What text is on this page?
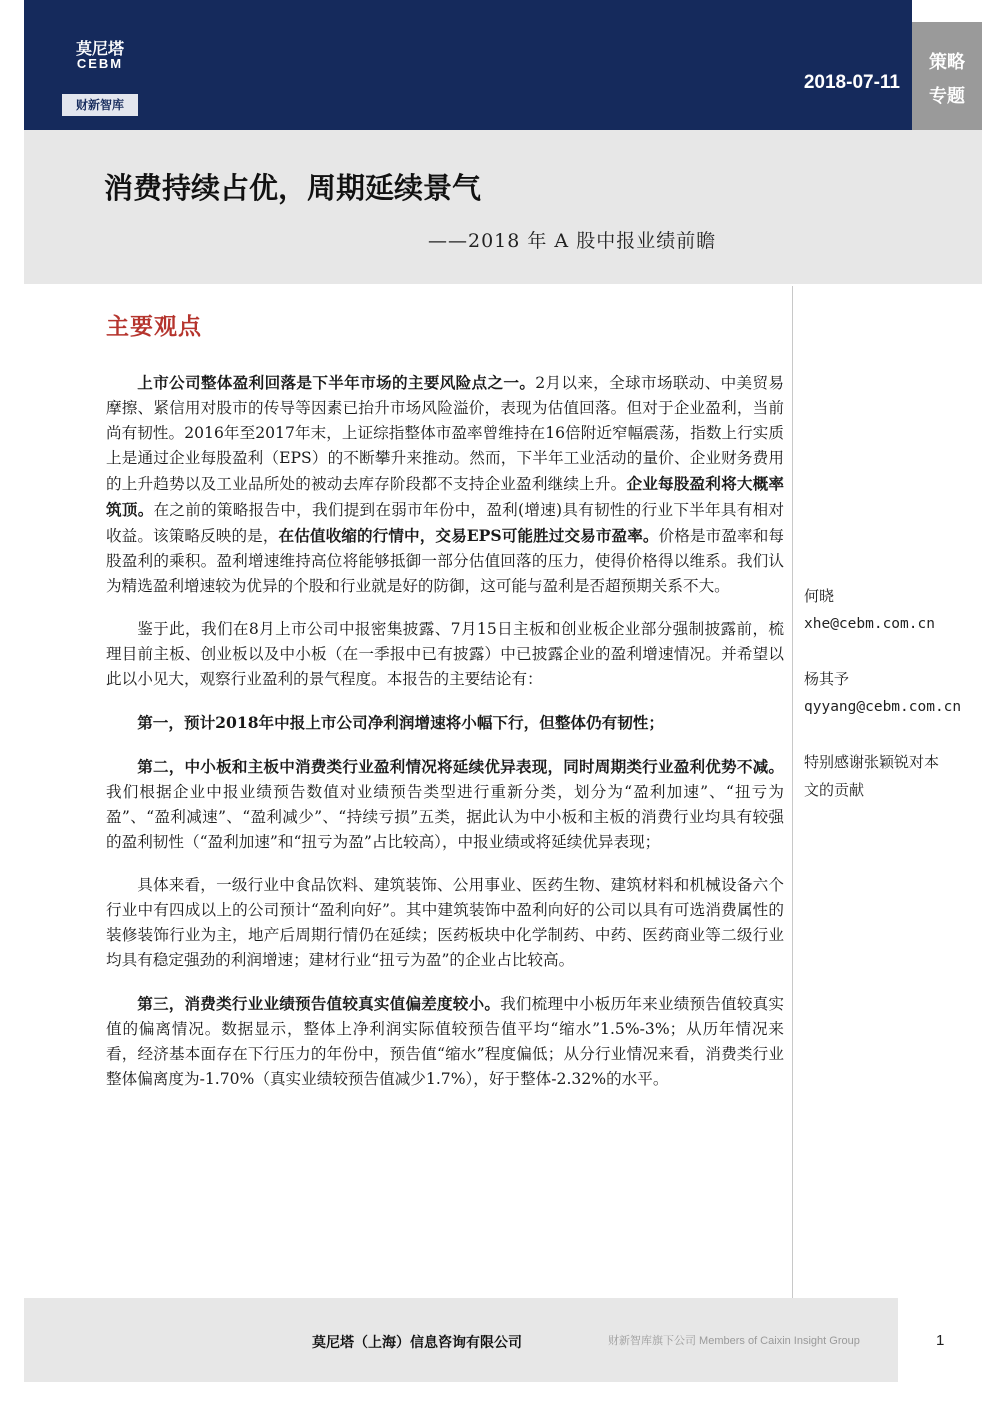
莫尼塔
CEBM
财新智库
2018-07-11
策略
专题
消费持续占优，周期延续景气
——2018 年 A 股中报业绩前瞻
主要观点

上市公司整体盈利回落是下半年市场的主要风险点之一。2月以来，全球市场联动、中美贸易摩擦、紧信用对股市的传导等因素已抬升市场风险溢价，表现为估值回落。但对于企业盈利，当前尚有韧性。2016年至2017年末，上证综指整体市盈率曾维持在16倍附近窄幅震荡，指数上行实质上是通过企业每股盈利（EPS）的不断攀升来推动。然而，下半年工业活动的量价、企业财务费用的上升趋势以及工业品所处的被动去库存阶段都不支持企业盈利继续上升。企业每股盈利将大概率筑顶。在之前的策略报告中，我们提到在弱市年份中，盈利(增速)具有韧性的行业下半年具有相对收益。该策略反映的是，在估值收缩的行情中，交易EPS可能胜过交易市盈率。价格是市盈率和每股盈利的乘积。盈利增速维持高位将能够抵御一部分估值回落的压力，使得价格得以维系。我们认为精选盈利增速较为优异的个股和行业就是好的防御，这可能与盈利是否超预期关系不大。

鉴于此，我们在8月上市公司中报密集披露、7月15日主板和创业板企业部分强制披露前，梳理目前主板、创业板以及中小板（在一季报中已有披露）中已披露企业的盈利增速情况。并希望以此以小见大，观察行业盈利的景气程度。本报告的主要结论有：

第一，预计2018年中报上市公司净利润增速将小幅下行，但整体仍有韧性；

第二，中小板和主板中消费类行业盈利情况将延续优异表现，同时周期类行业盈利优势不减。我们根据企业中报业绩预告数值对业绩预告类型进行重新分类，划分为“盈利加速”、“扭亏为盈”、“盈利减速”、“盈利减少”、“持续亏损”五类，据此认为中小板和主板的消费行业均具有较强的盈利韧性（“盈利加速”和“扭亏为盈”占比较高），中报业绩或将延续优异表现；

具体来看，一级行业中食品饮料、建筑装饰、公用事业、医药生物、建筑材料和机械设备六个行业中有四成以上的公司预计“盈利向好”。其中建筑装饰中盈利向好的公司以具有可选消费属性的装修装饰行业为主，地产后周期行情仍在延续；医药板块中化学制药、中药、医药商业等二级行业均具有稳定强劲的利润增速；建材行业“扭亏为盈”的企业占比较高。

第三，消费类行业业绩预告值较真实值偏差度较小。我们梳理中小板历年来业绩预告值较真实值的偏离情况。数据显示，整体上净利润实际值较预告值平均“缩水”1.5%-3%；从历年情况来看，经济基本面存在下行压力的年份中，预告值“缩水”程度偏低；从分行业情况来看，消费类行业整体偏离度为-1.70%（真实业绩较预告值减少1.7%），好于整体-2.32%的水平。

何晓
xhe@cebm.com.cn
杨其予
qyyang@cebm.com.cn
特别感谢张颖锐对本
文的贡献
莫尼塔（上海）信息咨询有限公司	财新智库旗下公司 Members of Caixin Insight Group	1
